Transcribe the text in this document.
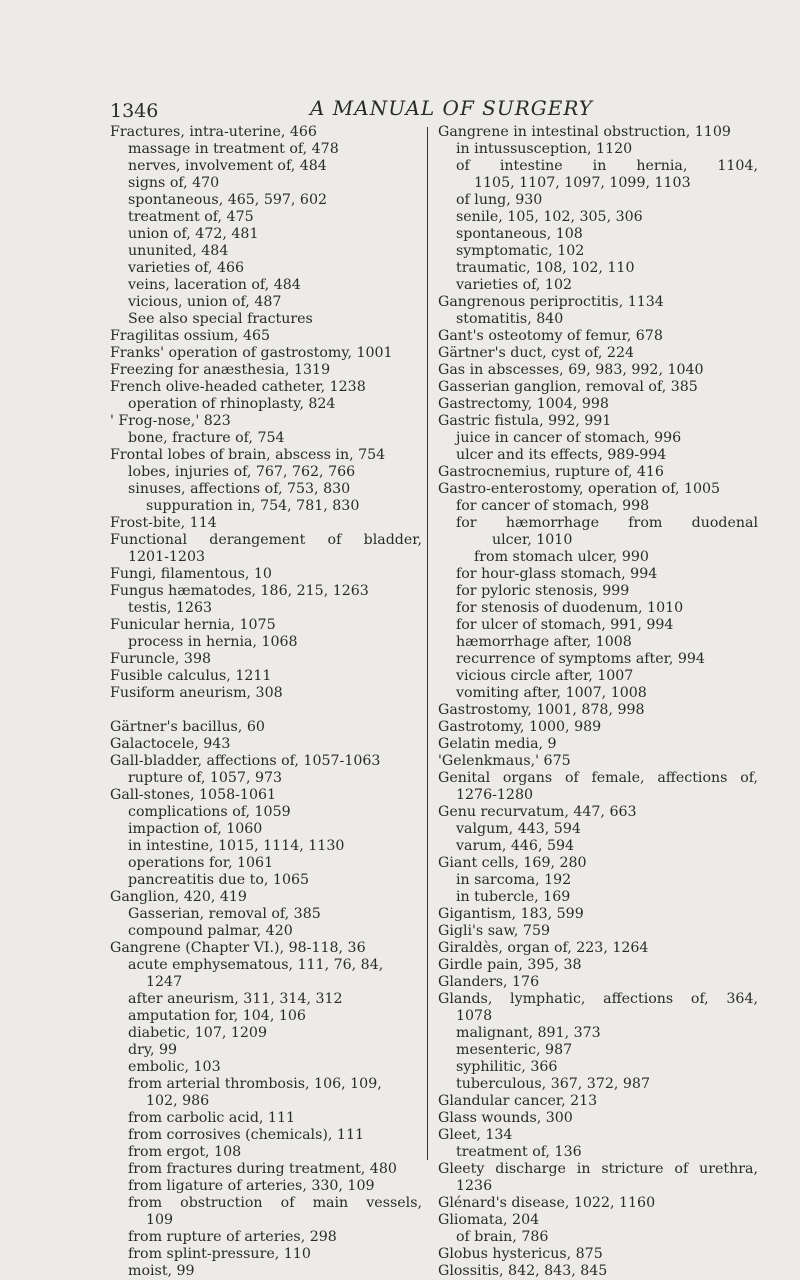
1346	A MANUAL OF SURGERY
Fractures, intra-uterine, 466
massage in treatment of, 478
nerves, involvement of, 484
signs of, 470
spontaneous, 465, 597, 602
treatment of, 475
union of, 472, 481
ununited, 484
varieties of, 466
veins, laceration of, 484
vicious, union of, 487
See also special fractures
Fragilitas ossium, 465
Franks' operation of gastrostomy, 1001
Freezing for anæsthesia, 1319
French olive-headed catheter, 1238
operation of rhinoplasty, 824
' Frog-nose,' 823
bone, fracture of, 754
Frontal lobes of brain, abscess in, 754
lobes, injuries of, 767, 762, 766
sinuses, affections of, 753, 830
suppuration in, 754, 781, 830
Frost-bite, 114
Functional derangement of bladder,
1201-1203
Fungi, filamentous, 10
Fungus hæmatodes, 186, 215, 1263
testis, 1263
Funicular hernia, 1075
process in hernia, 1068
Furuncle, 398
Fusible calculus, 1211
Fusiform aneurism, 308
Gärtner's bacillus, 60
Galactocele, 943
Gall-bladder, affections of, 1057-1063
rupture of, 1057, 973
Gall-stones, 1058-1061
complications of, 1059
impaction of, 1060
in intestine, 1015, 1114, 1130
operations for, 1061
pancreatitis due to, 1065
Ganglion, 420, 419
Gasserian, removal of, 385
compound palmar, 420
Gangrene (Chapter VI.), 98-118, 36
acute emphysematous, 111, 76, 84,
1247
after aneurism, 311, 314, 312
amputation for, 104, 106
diabetic, 107, 1209
dry, 99
embolic, 103
from arterial thrombosis, 106, 109,
102, 986
from carbolic acid, 111
from corrosives (chemicals), 111
from ergot, 108
from fractures during treatment, 480
from ligature of arteries, 330, 109
from obstruction of main vessels,
109
from rupture of arteries, 298
from splint-pressure, 110
moist, 99
Gangrene in intestinal obstruction, 1109
in intussusception, 1120
of intestine in hernia, 1104,
1105, 1107, 1097, 1099, 1103
of lung, 930
senile, 105, 102, 305, 306
spontaneous, 108
symptomatic, 102
traumatic, 108, 102, 110
varieties of, 102
Gangrenous periproctitis, 1134
stomatitis, 840
Gant's osteotomy of femur, 678
Gärtner's duct, cyst of, 224
Gas in abscesses, 69, 983, 992, 1040
Gasserian ganglion, removal of, 385
Gastrectomy, 1004, 998
Gastric fistula, 992, 991
juice in cancer of stomach, 996
ulcer and its effects, 989-994
Gastrocnemius, rupture of, 416
Gastro-enterostomy, operation of, 1005
for cancer of stomach, 998
for hæmorrhage from duodenal
ulcer, 1010
from stomach ulcer, 990
for hour-glass stomach, 994
for pyloric stenosis, 999
for stenosis of duodenum, 1010
for ulcer of stomach, 991, 994
hæmorrhage after, 1008
recurrence of symptoms after, 994
vicious circle after, 1007
vomiting after, 1007, 1008
Gastrostomy, 1001, 878, 998
Gastrotomy, 1000, 989
Gelatin media, 9
'Gelenkmaus,' 675
Genital organs of female, affections of,
1276-1280
Genu recurvatum, 447, 663
valgum, 443, 594
varum, 446, 594
Giant cells, 169, 280
in sarcoma, 192
in tubercle, 169
Gigantism, 183, 599
Gigli's saw, 759
Giraldès, organ of, 223, 1264
Girdle pain, 395, 38
Glanders, 176
Glands, lymphatic, affections of, 364,
1078
malignant, 891, 373
mesenteric, 987
syphilitic, 366
tuberculous, 367, 372, 987
Glandular cancer, 213
Glass wounds, 300
Gleet, 134
treatment of, 136
Gleety discharge in stricture of urethra,
1236
Glénard's disease, 1022, 1160
Gliomata, 204
of brain, 786
Globus hystericus, 875
Glossitis, 842, 843, 845
